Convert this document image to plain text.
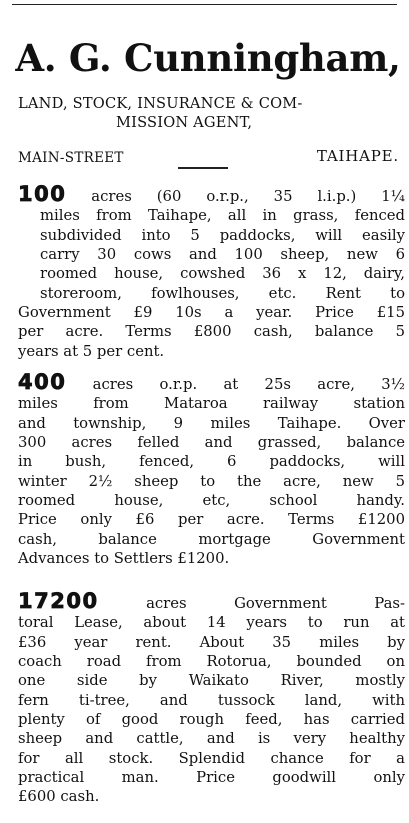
A. G. Cunningham,
LAND, STOCK, INSURANCE & COM-
MISSION AGENT,
MAIN-STREET	TAIHAPE.
100 acres (60 o.r.p., 35 l.i.p.) 1¼
miles from Taihape, all in grass, fenced
subdivided into 5 paddocks, will easily
carry 30 cows and 100 sheep, new 6
roomed house, cowshed 36 x 12, dairy,
storeroom, fowlhouses, etc. Rent to
Government £9 10s a year. Price £15
per acre. Terms £800 cash, balance 5
years at 5 per cent.
400 acres o.r.p. at 25s acre, 3½
miles from Mataroa railway station
and township, 9 miles Taihape. Over
300 acres felled and grassed, balance
in bush, fenced, 6 paddocks, will
winter 2½ sheep to the acre, new 5
roomed house, etc, school handy.
Price only £6 per acre. Terms £1200
cash, balance mortgage Government
Advances to Settlers £1200.
17200	acres Government Pas-
toral Lease, about 14 years to run at
£36 year rent. About 35 miles by
coach road from Rotorua, bounded on
one side by Waikato River, mostly
fern ti-tree, and tussock land, with
plenty of good rough feed, has carried
sheep and cattle, and is very healthy
for all stock. Splendid chance for a
practical man. Price goodwill only
£600 cash.
